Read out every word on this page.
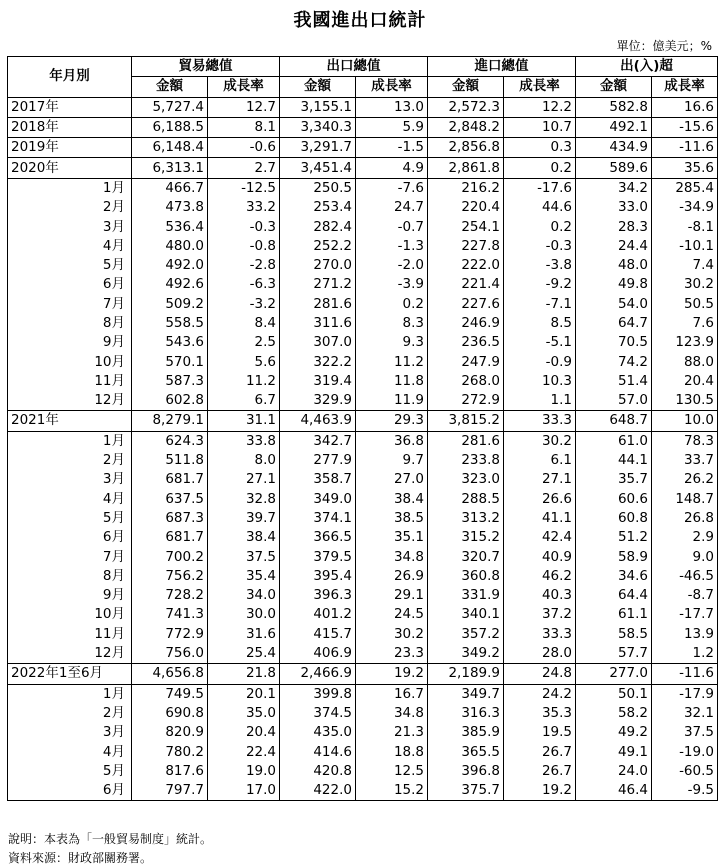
我國進出口統計
單位：億美元；%
年月別	貿易總值		出口總值		進口總值		出(入)超	
	金額	成長率	金額	成長率	金額	成長率	金額	成長率
2017年	5,727.4	12.7	3,155.1	13.0	2,572.3	12.2	582.8	16.6
2018年	6,188.5	8.1	3,340.3	5.9	2,848.2	10.7	492.1	-15.6
2019年	6,148.4	-0.6	3,291.7	-1.5	2,856.8	0.3	434.9	-11.6
2020年	6,313.1	2.7	3,451.4	4.9	2,861.8	0.2	589.6	35.6
1月	466.7	-12.5	250.5	-7.6	216.2	-17.6	34.2	285.4
2月	473.8	33.2	253.4	24.7	220.4	44.6	33.0	-34.9
3月	536.4	-0.3	282.4	-0.7	254.1	0.2	28.3	-8.1
4月	480.0	-0.8	252.2	-1.3	227.8	-0.3	24.4	-10.1
5月	492.0	-2.8	270.0	-2.0	222.0	-3.8	48.0	7.4
6月	492.6	-6.3	271.2	-3.9	221.4	-9.2	49.8	30.2
7月	509.2	-3.2	281.6	0.2	227.6	-7.1	54.0	50.5
8月	558.5	8.4	311.6	8.3	246.9	8.5	64.7	7.6
9月	543.6	2.5	307.0	9.3	236.5	-5.1	70.5	123.9
10月	570.1	5.6	322.2	11.2	247.9	-0.9	74.2	88.0
11月	587.3	11.2	319.4	11.8	268.0	10.3	51.4	20.4
12月	602.8	6.7	329.9	11.9	272.9	1.1	57.0	130.5
2021年	8,279.1	31.1	4,463.9	29.3	3,815.2	33.3	648.7	10.0
1月	624.3	33.8	342.7	36.8	281.6	30.2	61.0	78.3
2月	511.8	8.0	277.9	9.7	233.8	6.1	44.1	33.7
3月	681.7	27.1	358.7	27.0	323.0	27.1	35.7	26.2
4月	637.5	32.8	349.0	38.4	288.5	26.6	60.6	148.7
5月	687.3	39.7	374.1	38.5	313.2	41.1	60.8	26.8
6月	681.7	38.4	366.5	35.1	315.2	42.4	51.2	2.9
7月	700.2	37.5	379.5	34.8	320.7	40.9	58.9	9.0
8月	756.2	35.4	395.4	26.9	360.8	46.2	34.6	-46.5
9月	728.2	34.0	396.3	29.1	331.9	40.3	64.4	-8.7
10月	741.3	30.0	401.2	24.5	340.1	37.2	61.1	-17.7
11月	772.9	31.6	415.7	30.2	357.2	33.3	58.5	13.9
12月	756.0	25.4	406.9	23.3	349.2	28.0	57.7	1.2
2022年1至6月	4,656.8	21.8	2,466.9	19.2	2,189.9	24.8	277.0	-11.6
1月	749.5	20.1	399.8	16.7	349.7	24.2	50.1	-17.9
2月	690.8	35.0	374.5	34.8	316.3	35.3	58.2	32.1
3月	820.9	20.4	435.0	21.3	385.9	19.5	49.2	37.5
4月	780.2	22.4	414.6	18.8	365.5	26.7	49.1	-19.0
5月	817.6	19.0	420.8	12.5	396.8	26.7	24.0	-60.5
6月	797.7	17.0	422.0	15.2	375.7	19.2	46.4	-9.5
說明：本表為「一般貿易制度」統計。
資料來源：財政部關務署。
